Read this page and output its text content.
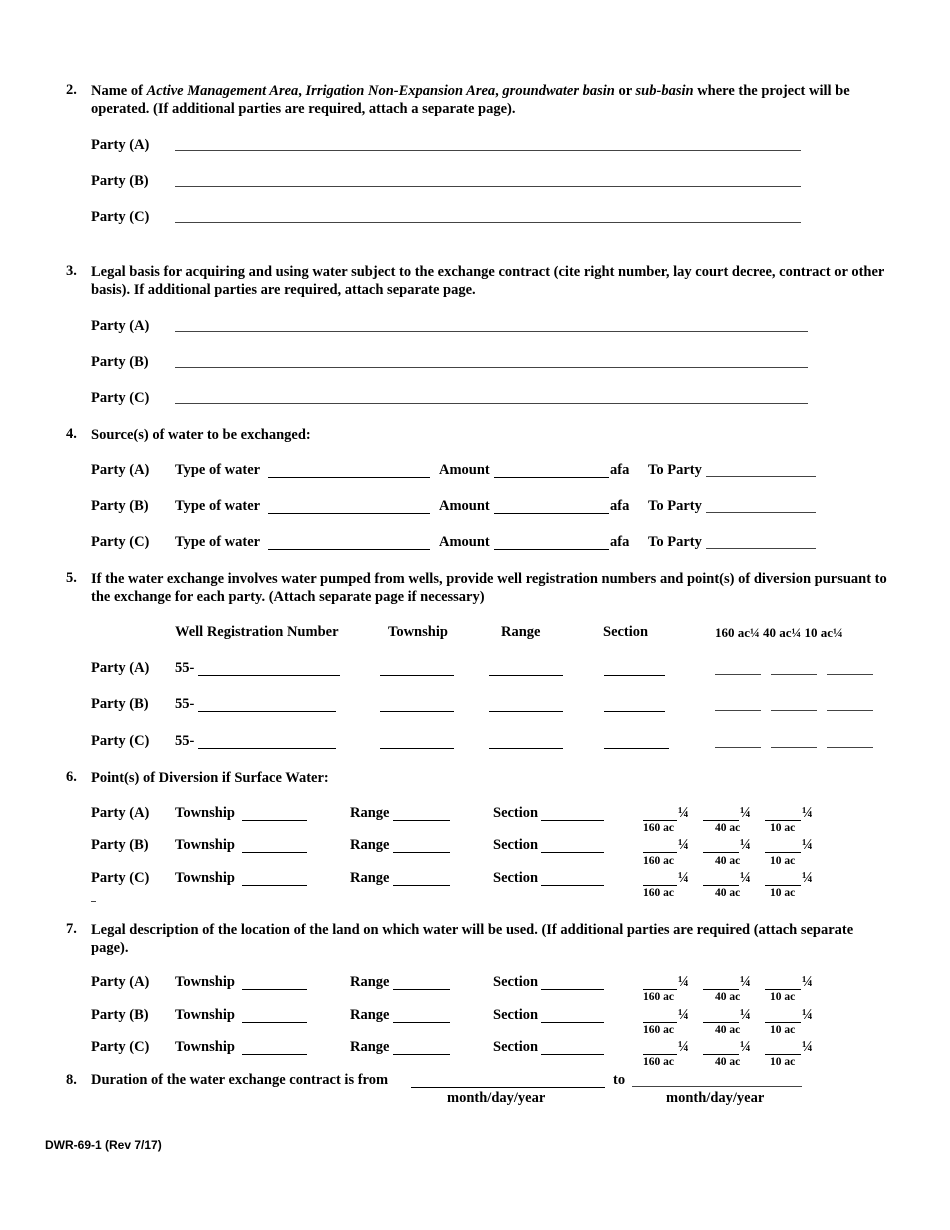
2. Name of Active Management Area, Irrigation Non-Expansion Area, groundwater basin or sub-basin where the project will be operated. (If additional parties are required, attach a separate page).
Party (A)
Party (B)
Party (C)
3. Legal basis for acquiring and using water subject to the exchange contract (cite right number, lay court decree, contract or other basis). If additional parties are required, attach separate page.
Party (A)
Party (B)
Party (C)
4. Source(s) of water to be exchanged:
Party (A) Type of water	Amount	afa To Party
Party (B) Type of water	Amount	afa To Party
Party (C) Type of water	Amount	afa To Party
5. If the water exchange involves water pumped from wells, provide well registration numbers and point(s) of diversion pursuant to the exchange for each party. (Attach separate page if necessary)
Well Registration Number	Township	Range	Section	160 ac¼ 40 ac¼ 10 ac¼
Party (A) 55-
Party (B) 55-
Party (C) 55-
6. Point(s) of Diversion if Surface Water:
Party (A) Township	Range	Section	¼	¼	¼
160 ac	40 ac	10 ac
Party (B) Township	Range	Section	¼	¼	¼
160 ac	40 ac	10 ac
Party (C) Township	Range	Section	¼	¼	¼
160 ac	40 ac	10 ac
7. Legal description of the location of the land on which water will be used. (If additional parties are required (attach separate page).
Party (A) Township	Range	Section	¼	¼	¼
160 ac	40 ac	10 ac
Party (B) Township	Range	Section	¼	¼	¼
160 ac	40 ac	10 ac
Party (C) Township	Range	Section	¼	¼	¼
160 ac	40 ac	10 ac
8. Duration of the water exchange contract is from	to
month/day/year	month/day/year
DWR-69-1 (Rev 7/17)
